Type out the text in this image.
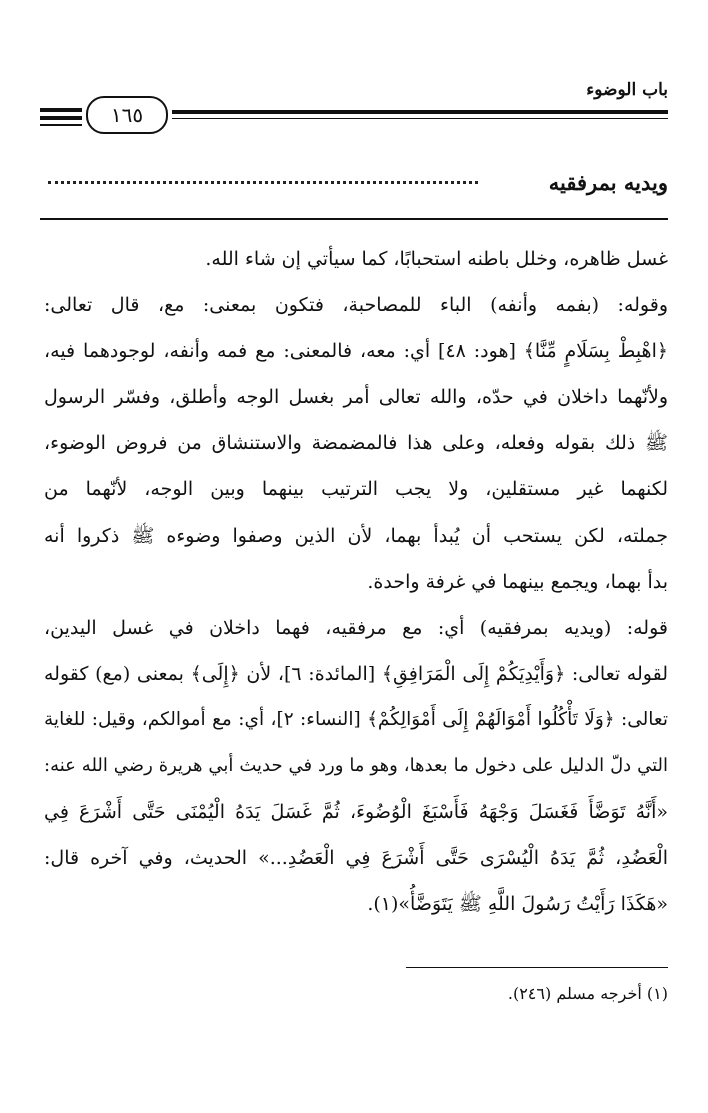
باب الوضوء
١٦٥
ويديه بمرفقيه
غسل ظاهره، وخلل باطنه استحبابًا، كما سيأتي إن شاء الله.
وقوله: (بفمه وأنفه) الباء للمصاحبة، فتكون بمعنى: مع، قال تعالى:
﴿اهْبِطْ بِسَلَامٍ مِّنَّا﴾ [هود: ٤٨] أي: معه، فالمعنى: مع فمه وأنفه، لوجودهما فيه،
ولأنّهما داخلان في حدّه، والله تعالى أمر بغسل الوجه وأطلق، وفسّر الرسول
ﷺ ذلك بقوله وفعله، وعلى هذا فالمضمضة والاستنشاق من فروض الوضوء،
لكنهما غير مستقلين، ولا يجب الترتيب بينهما وبين الوجه، لأنّهما من
جملته، لكن يستحب أن يُبدأ بهما، لأن الذين وصفوا وضوءه ﷺ ذكروا أنه
بدأ بهما، ويجمع بينهما في غرفة واحدة.
قوله: (ويديه بمرفقيه) أي: مع مرفقيه، فهما داخلان في غسل اليدين،
لقوله تعالى: ﴿وَأَيْدِيَكُمْ إِلَى الْمَرَافِقِ﴾ [المائدة: ٦]، لأن ﴿إِلَى﴾ بمعنى (مع) كقوله
تعالى: ﴿وَلَا تَأْكُلُوا أَمْوَالَهُمْ إِلَى أَمْوَالِكُمْ﴾ [النساء: ٢]، أي: مع أموالكم، وقيل: للغاية
التي دلّ الدليل على دخول ما بعدها، وهو ما ورد في حديث أبي هريرة رضي الله عنه:
«أَنَّهُ تَوَضَّأَ فَغَسَلَ وَجْهَهُ فَأَسْبَغَ الْوُضُوءَ، ثُمَّ غَسَلَ يَدَهُ الْيُمْنَى حَتَّى أَشْرَعَ فِي
الْعَضُدِ، ثُمَّ يَدَهُ الْيُسْرَى حَتَّى أَشْرَعَ فِي الْعَضُدِ...» الحديث، وفي آخره قال:
«هَكَذَا رَأَيْتُ رَسُولَ اللَّهِ ﷺ يَتَوَضَّأُ»(١).
(١) أخرجه مسلم (٢٤٦).
